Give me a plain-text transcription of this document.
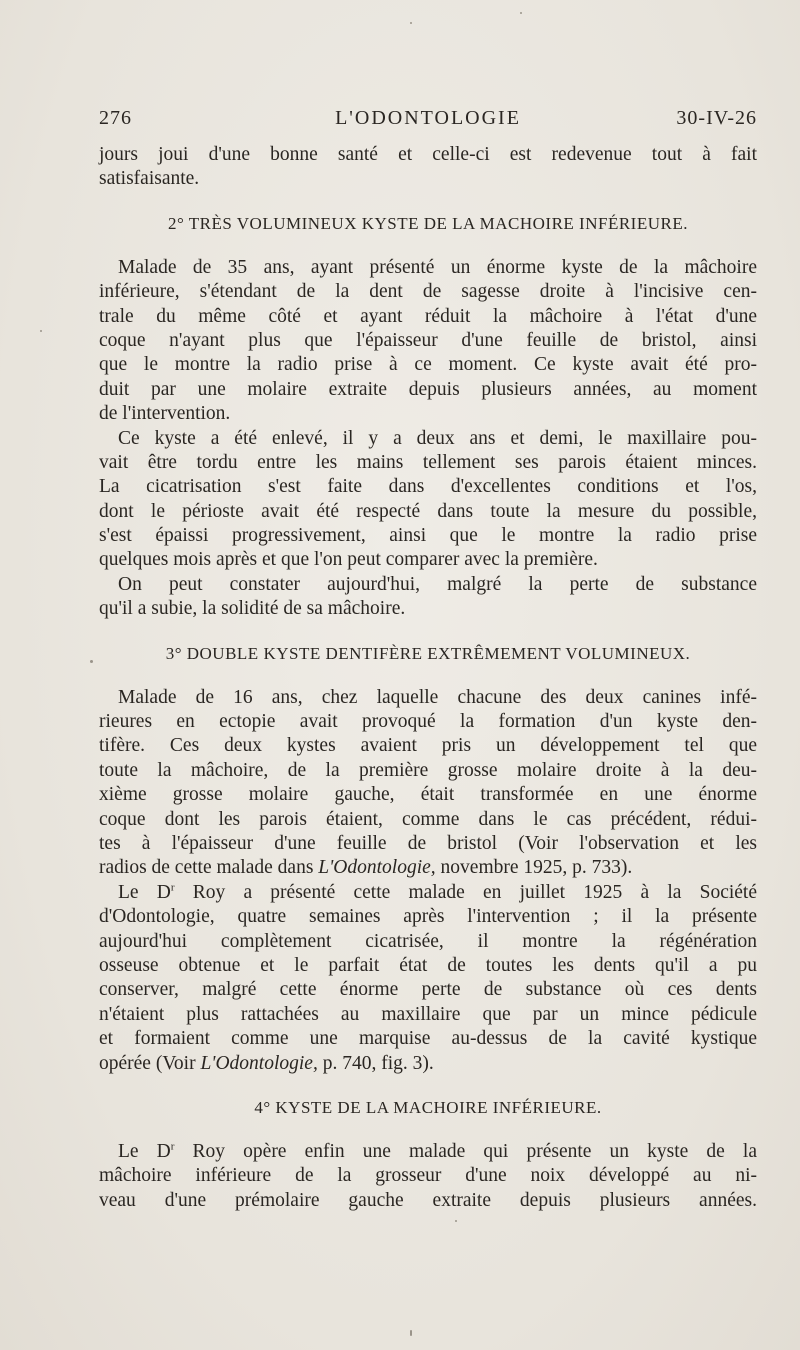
276	L'ODONTOLOGIE	30-IV-26
jours joui d'une bonne santé et celle-ci est redevenue tout à fait
satisfaisante.
2° TRÈS VOLUMINEUX KYSTE DE LA MACHOIRE INFÉRIEURE.
Malade de 35 ans, ayant présenté un énorme kyste de la mâchoire
inférieure, s'étendant de la dent de sagesse droite à l'incisive cen-
trale du même côté et ayant réduit la mâchoire à l'état d'une
coque n'ayant plus que l'épaisseur d'une feuille de bristol, ainsi
que le montre la radio prise à ce moment. Ce kyste avait été pro-
duit par une molaire extraite depuis plusieurs années, au moment
de l'intervention.
Ce kyste a été enlevé, il y a deux ans et demi, le maxillaire pou-
vait être tordu entre les mains tellement ses parois étaient minces.
La cicatrisation s'est faite dans d'excellentes conditions et l'os,
dont le périoste avait été respecté dans toute la mesure du possible,
s'est épaissi progressivement, ainsi que le montre la radio prise
quelques mois après et que l'on peut comparer avec la première.
On peut constater aujourd'hui, malgré la perte de substance
qu'il a subie, la solidité de sa mâchoire.
3° DOUBLE KYSTE DENTIFÈRE EXTRÊMEMENT VOLUMINEUX.
Malade de 16 ans, chez laquelle chacune des deux canines infé-
rieures en ectopie avait provoqué la formation d'un kyste den-
tifère. Ces deux kystes avaient pris un développement tel que
toute la mâchoire, de la première grosse molaire droite à la deu-
xième grosse molaire gauche, était transformée en une énorme
coque dont les parois étaient, comme dans le cas précédent, rédui-
tes à l'épaisseur d'une feuille de bristol (Voir l'observation et les
radios de cette malade dans L'Odontologie, novembre 1925, p. 733).
Le $D^r$ Roy a présenté cette malade en juillet 1925 à la Société
d'Odontologie, quatre semaines après l'intervention ; il la présente
aujourd'hui complètement cicatrisée, il montre la régénération
osseuse obtenue et le parfait état de toutes les dents qu'il a pu
conserver, malgré cette énorme perte de substance où ces dents
n'étaient plus rattachées au maxillaire que par un mince pédicule
et formaient comme une marquise au-dessus de la cavité kystique
opérée (Voir L'Odontologie, p. 740, fig. 3).
4° KYSTE DE LA MACHOIRE INFÉRIEURE.
Le $D^r$ Roy opère enfin une malade qui présente un kyste de la
mâchoire inférieure de la grosseur d'une noix développé au ni-
veau d'une prémolaire gauche extraite depuis plusieurs années.
